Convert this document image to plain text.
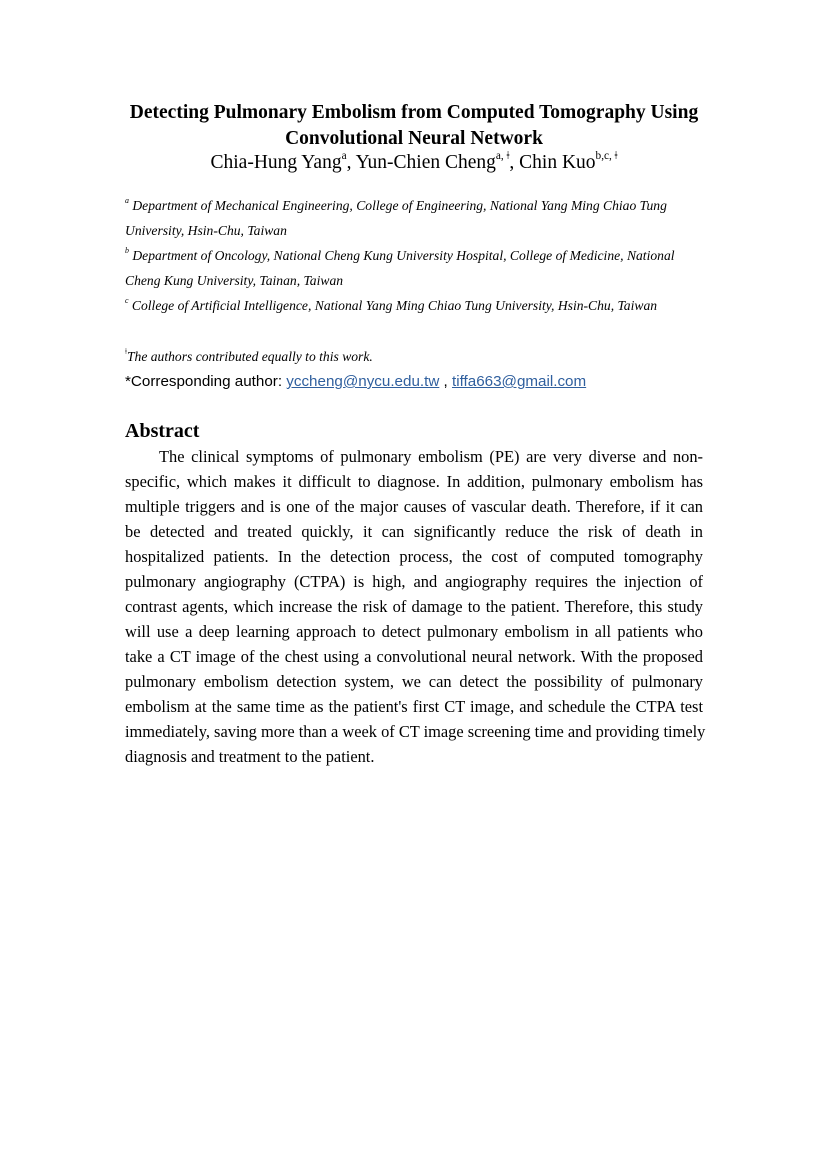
Detecting Pulmonary Embolism from Computed Tomography Using
Convolutional Neural Network
Chia-Hung Yang$^a$, Yun-Chien Cheng$^{a, ǂ}$, Chin Kuo$^{b,c, ǂ}$
$^a$ Department of Mechanical Engineering, College of Engineering, National Yang Ming Chiao Tung
University, Hsin-Chu, Taiwan
$^b$ Department of Oncology, National Cheng Kung University Hospital, College of Medicine, National
Cheng Kung University, Tainan, Taiwan
$^c$ College of Artificial Intelligence, National Yang Ming Chiao Tung University, Hsin-Chu, Taiwan
$^ǂ$The authors contributed equally to this work.
*Corresponding author: yccheng@nycu.edu.tw , tiffa663@gmail.com
Abstract
The clinical symptoms of pulmonary embolism (PE) are very diverse and non-
specific, which makes it difficult to diagnose. In addition, pulmonary embolism has
multiple triggers and is one of the major causes of vascular death. Therefore, if it can
be detected and treated quickly, it can significantly reduce the risk of death in
hospitalized patients. In the detection process, the cost of computed tomography
pulmonary angiography (CTPA) is high, and angiography requires the injection of
contrast agents, which increase the risk of damage to the patient. Therefore, this study
will use a deep learning approach to detect pulmonary embolism in all patients who
take a CT image of the chest using a convolutional neural network. With the proposed
pulmonary embolism detection system, we can detect the possibility of pulmonary
embolism at the same time as the patient's first CT image, and schedule the CTPA test
immediately, saving more than a week of CT image screening time and providing timely
diagnosis and treatment to the patient.
